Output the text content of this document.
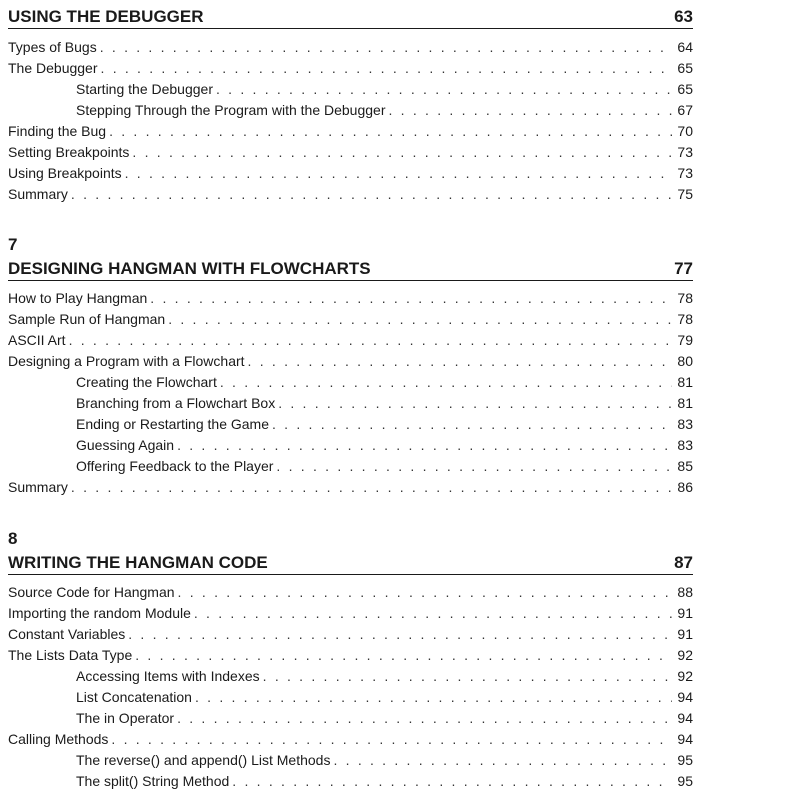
USING THE DEBUGGER	63
Types of Bugs . . .	64
The Debugger . . .	65
Starting the Debugger . . .	65
Stepping Through the Program with the Debugger . . .	67
Finding the Bug . . .	70
Setting Breakpoints . . .	73
Using Breakpoints . . .	73
Summary . . .	75
7
DESIGNING HANGMAN WITH FLOWCHARTS	77
How to Play Hangman . . .	78
Sample Run of Hangman . . .	78
ASCII Art . . .	79
Designing a Program with a Flowchart . . .	80
Creating the Flowchart . . .	81
Branching from a Flowchart Box . . .	81
Ending or Restarting the Game . . .	83
Guessing Again . . .	83
Offering Feedback to the Player . . .	85
Summary . . .	86
8
WRITING THE HANGMAN CODE	87
Source Code for Hangman . . .	88
Importing the random Module . . .	91
Constant Variables . . .	91
The Lists Data Type . . .	92
Accessing Items with Indexes . . .	92
List Concatenation . . .	94
The in Operator . . .	94
Calling Methods . . .	94
The reverse() and append() List Methods . . .	95
The split() String Method . . .	95
